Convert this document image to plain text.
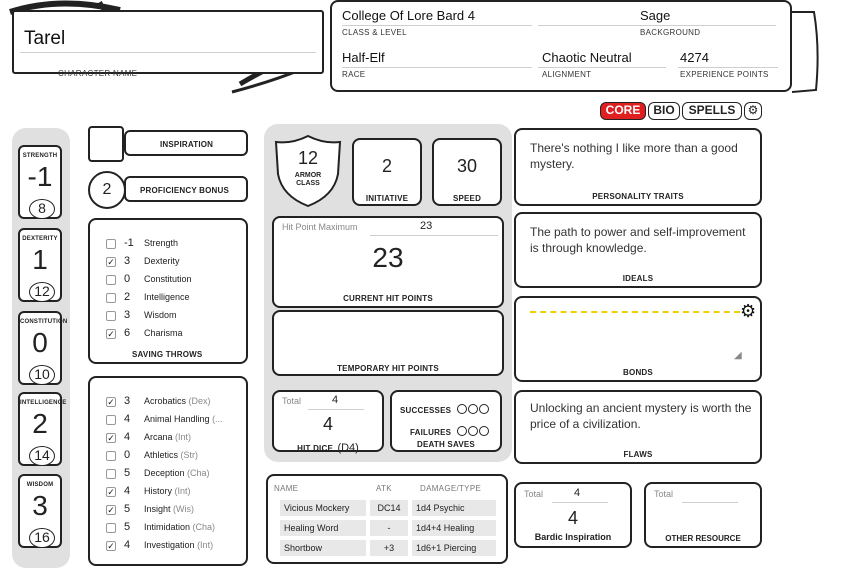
Tarel
CHARACTER NAME
College Of Lore Bard 4
CLASS & LEVEL
Sage
BACKGROUND
Half-Elf
RACE
Chaotic Neutral
ALIGNMENT
4274
EXPERIENCE POINTS
CORE	BIO	SPELLS	⚙
STRENGTH
-1
8
DEXTERITY
1
12
CONSTITUTION
0
10
INTELLIGENCE
2
14
WISDOM
3
16
INSPIRATION
2	PROFICIENCY BONUS
-1 Strength
✓ 3 Dexterity
0 Constitution
2 Intelligence
3 Wisdom
✓ 6 Charisma
SAVING THROWS
✓ 3 Acrobatics (Dex)
4 Animal Handling (...
✓ 4 Arcana (Int)
0 Athletics (Str)
5 Deception (Cha)
✓ 4 History (Int)
✓ 5 Insight (Wis)
5 Intimidation (Cha)
✓ 4 Investigation (Int)
12
ARMOR CLASS
2
INITIATIVE
30
SPEED
Hit Point Maximum	23
23
CURRENT HIT POINTS
TEMPORARY HIT POINTS
Total	4
4
HIT DICE (D4)
SUCCESSES
FAILURES
DEATH SAVES
NAME	ATK	DAMAGE/TYPE
Vicious Mockery	DC14	1d4 Psychic
Healing Word	-	1d4+4 Healing
Shortbow	+3	1d6+1 Piercing
There's nothing I like more than a good mystery.
PERSONALITY TRAITS
The path to power and self-improvement is through knowledge.
IDEALS
⚙
◢
BONDS
Unlocking an ancient mystery is worth the price of a civilization.
FLAWS
Total	4
4
Bardic Inspiration
Total
OTHER RESOURCE
